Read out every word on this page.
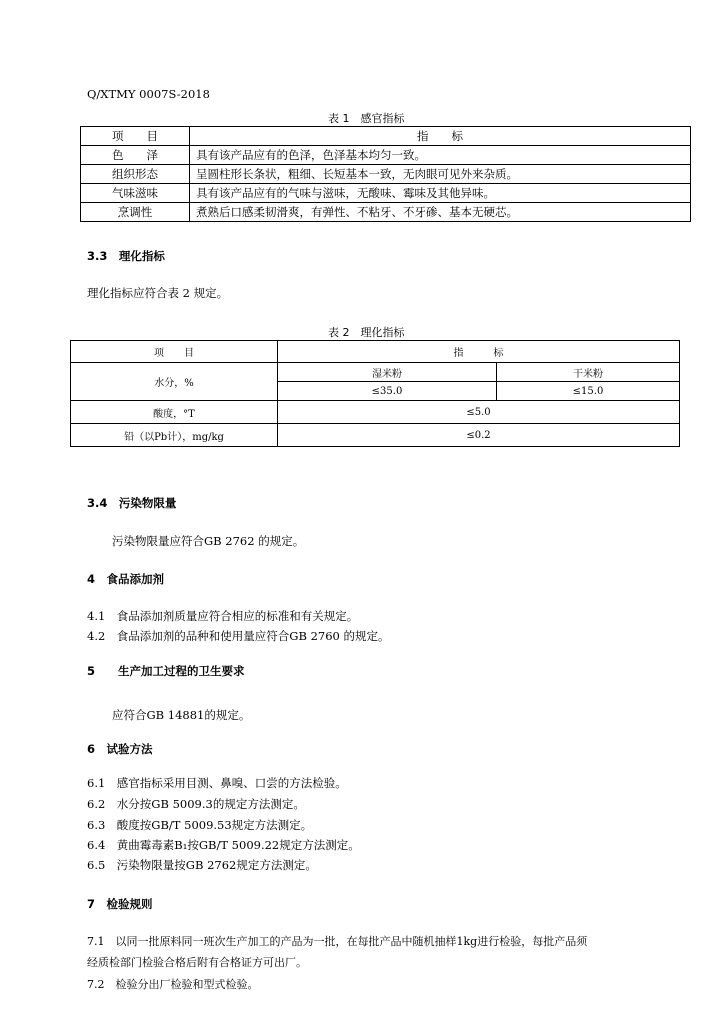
Q/XTMY 0007S-2018
表 1　感官指标
项　　目	指　　标
色　　泽	具有该产品应有的色泽，色泽基本均匀一致。
组织形态	呈圆柱形长条状，粗细、长短基本一致，无肉眼可见外来杂质。
气味滋味	具有该产品应有的气味与滋味，无酸味、霉味及其他异味。
烹调性	煮熟后口感柔韧滑爽，有弹性、不粘牙、不牙碜、基本无硬芯。
3.3　理化指标
理化指标应符合表 2 规定。
表 2　理化指标
项　　目	指　　　标	
水分，%	湿米粉	干米粉
	≤35.0	≤15.0
酸度，°T	≤5.0	
铅（以Pb计），mg/kg	≤0.2	
3.4　污染物限量
污染物限量应符合GB 2762 的规定。
4　食品添加剂
4.1　食品添加剂质量应符合相应的标准和有关规定。
4.2　食品添加剂的品种和使用量应符合GB 2760 的规定。
5　　生产加工过程的卫生要求
应符合GB 14881的规定。
6　试验方法
6.1　感官指标采用目测、鼻嗅、口尝的方法检验。
6.2　水分按GB 5009.3的规定方法测定。
6.3　酸度按GB/T 5009.53规定方法测定。
6.4　黄曲霉毒素B₁按GB/T 5009.22规定方法测定。
6.5　污染物限量按GB 2762规定方法测定。
7　检验规则
7.1　以同一批原料同一班次生产加工的产品为一批，在每批产品中随机抽样1kg进行检验，每批产品须
经质检部门检验合格后附有合格证方可出厂。
7.2　检验分出厂检验和型式检验。
